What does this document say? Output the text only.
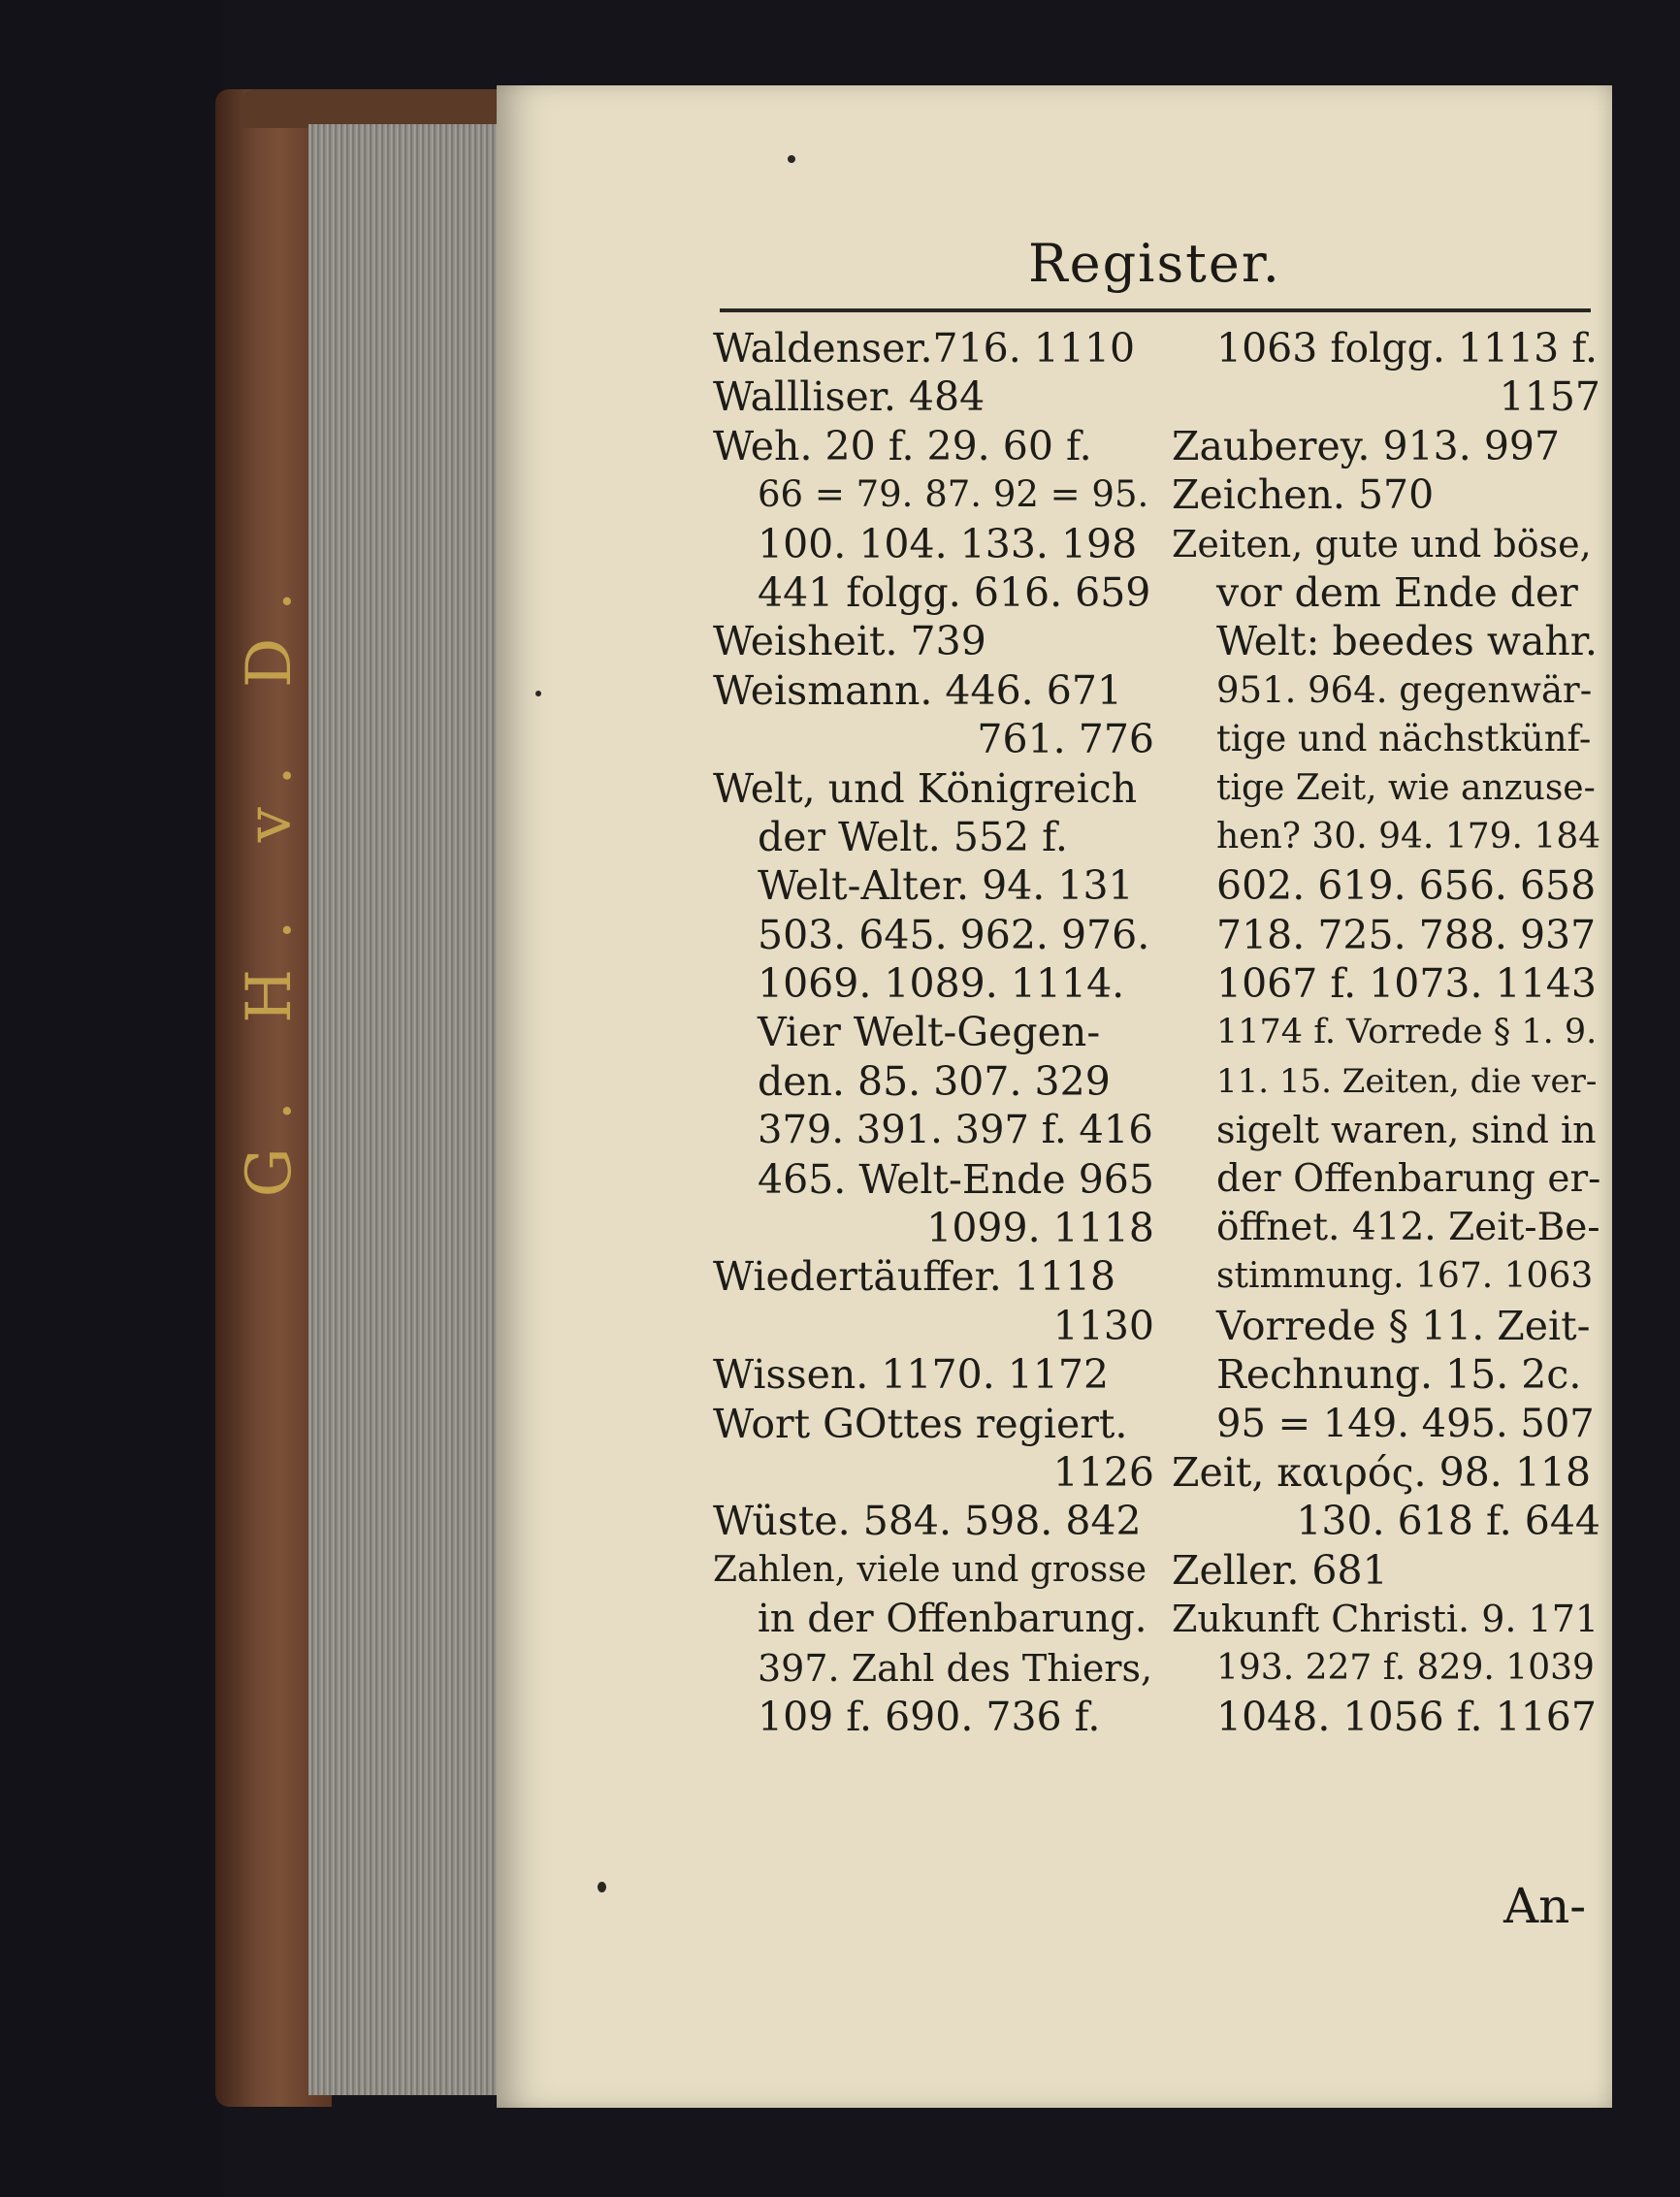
G. H. v. D.
Register.
Waldenser.716. 1110
Wallliser. 484
Weh. 20 f. 29. 60 f.
66 = 79. 87. 92 = 95.
100. 104. 133. 198
441 folgg. 616. 659
Weisheit. 739
Weismann. 446. 671
761. 776
Welt, und Königreich
der Welt. 552 f.
Welt-Alter. 94. 131
503. 645. 962. 976.
1069. 1089. 1114.
Vier Welt-Gegen-
den. 85. 307. 329
379. 391. 397 f. 416
465. Welt-Ende 965
1099. 1118
Wiedertäuffer. 1118
1130
Wissen. 1170. 1172
Wort GOttes regiert.
1126
Wüste. 584. 598. 842
Zahlen, viele und grosse
in der Offenbarung.
397. Zahl des Thiers,
109 f. 690. 736 f.
1063 folgg. 1113 f.
1157
Zauberey. 913. 997
Zeichen. 570
Zeiten, gute und böse,
vor dem Ende der
Welt: beedes wahr.
951. 964. gegenwär-
tige und nächstkünf-
tige Zeit, wie anzuse-
hen? 30. 94. 179. 184
602. 619. 656. 658
718. 725. 788. 937
1067 f. 1073. 1143
1174 f. Vorrede § 1. 9.
11. 15. Zeiten, die ver-
sigelt waren, sind in
der Offenbarung er-
öffnet. 412. Zeit-Be-
stimmung. 167. 1063
Vorrede § 11. Zeit-
Rechnung. 15. 2c.
95 = 149. 495. 507
Zeit, καιρός. 98. 118
130. 618 f. 644
Zeller. 681
Zukunft Christi. 9. 171
193. 227 f. 829. 1039
1048. 1056 f. 1167
An-
